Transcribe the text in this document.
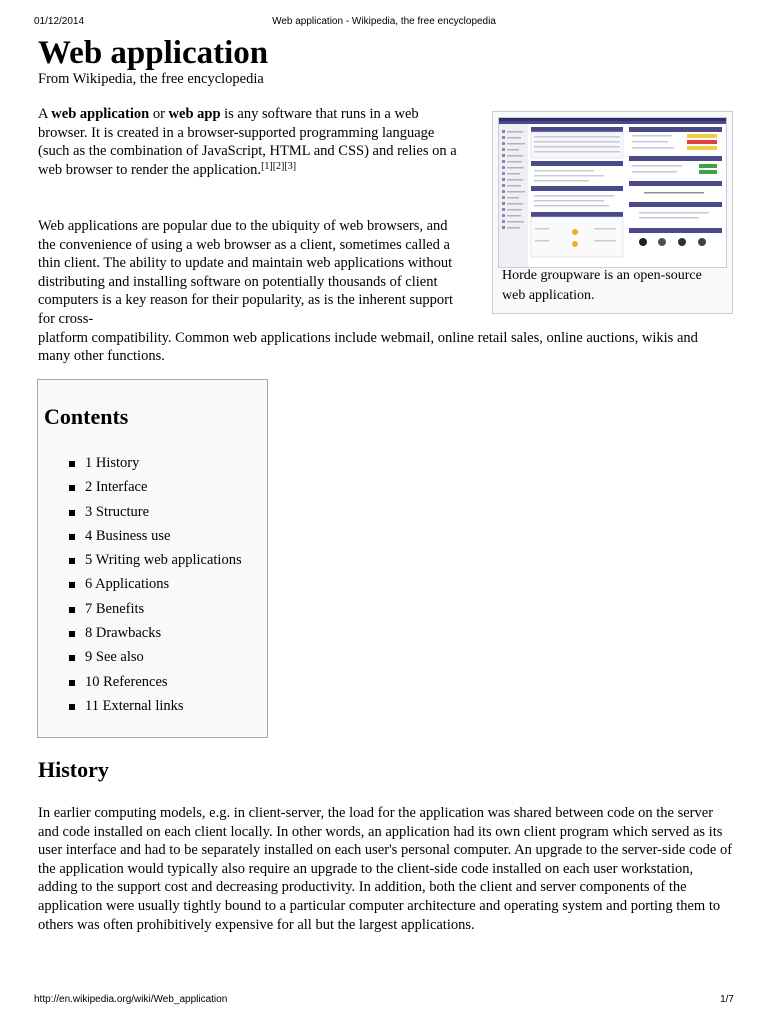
01/12/2014	Web application - Wikipedia, the free encyclopedia
Web application
From Wikipedia, the free encyclopedia
A web application or web app is any software that runs in a web browser. It is created in a browser-supported programming language (such as the combination of JavaScript, HTML and CSS) and relies on a web browser to render the application.[1][2][3]
Web applications are popular due to the ubiquity of web browsers, and the convenience of using a web browser as a client, sometimes called a thin client. The ability to update and maintain web applications without distributing and installing software on potentially thousands of client computers is a key reason for their popularity, as is the inherent support for cross-
platform compatibility. Common web applications include webmail, online retail sales, online auctions, wikis and many other functions.
Horde groupware is an open-source web application.
Contents
1 History
2 Interface
3 Structure
4 Business use
5 Writing web applications
6 Applications
7 Benefits
8 Drawbacks
9 See also
10 References
11 External links
History
In earlier computing models, e.g. in client-server, the load for the application was shared between code on the server and code installed on each client locally. In other words, an application had its own client program which served as its user interface and had to be separately installed on each user's personal computer. An upgrade to the server-side code of the application would typically also require an upgrade to the client-side code installed on each user workstation, adding to the support cost and decreasing productivity. In addition, both the client and server components of the application were usually tightly bound to a particular computer architecture and operating system and porting them to others was often prohibitively expensive for all but the largest applications.
http://en.wikipedia.org/wiki/Web_application	1/7
